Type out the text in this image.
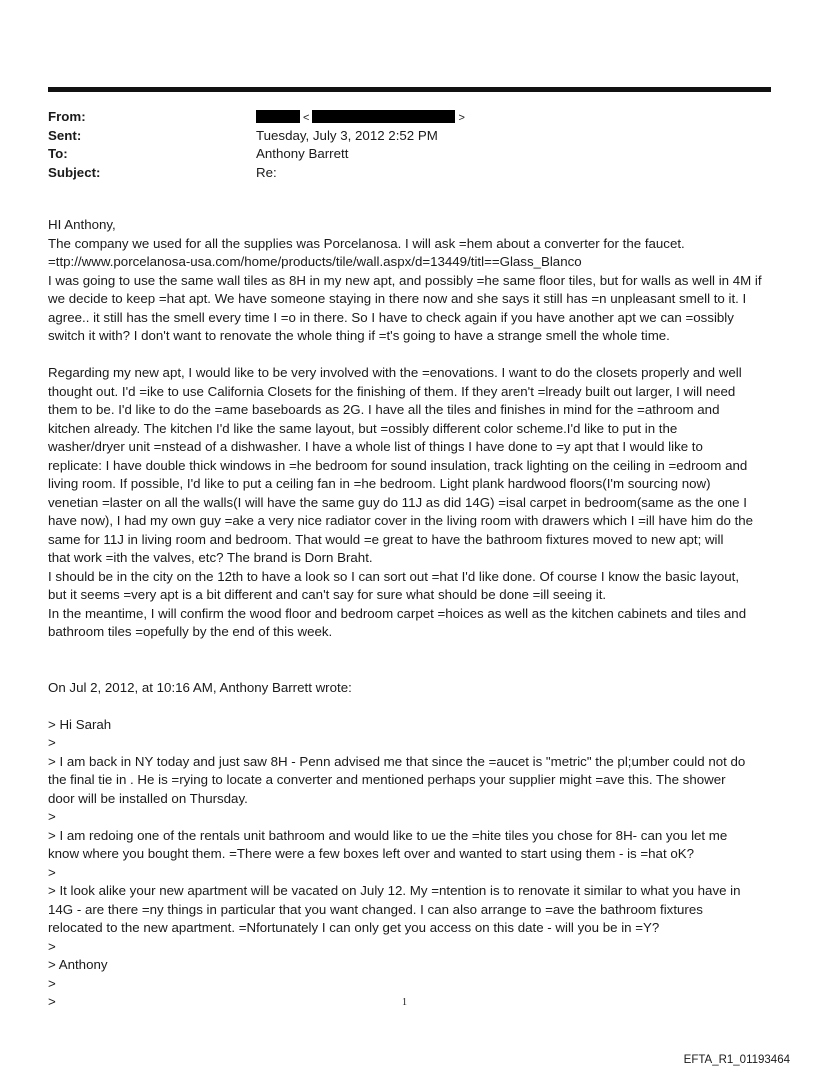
From:	<	>
Sent:	Tuesday, July 3, 2012 2:52 PM
To:	Anthony Barrett
Subject:	Re:

HI Anthony,

The company we used for all the supplies was Porcelanosa. I will ask =hem about a converter for the faucet.

=ttp://www.porcelanosa-usa.com/home/products/tile/wall.aspx/d=13449/titl==Glass_Blanco

I was going to use the same wall tiles as 8H in my new apt, and possibly =he same floor tiles, but for walls as well in 4M if

we decide to keep =hat apt. We have someone staying in there now and she says it still has =n unpleasant smell to it. I

agree.. it still has the smell every time I =o in there. So I have to check again if you have another apt we can =ossibly

switch it with? I don't want to renovate the whole thing if =t's going to have a strange smell the whole time.

Regarding my new apt, I would like to be very involved with the =enovations. I want to do the closets properly and well

thought out. I'd =ike to use California Closets for the finishing of them. If they aren't =lready built out larger, I will need

them to be. I'd like to do the =ame baseboards as 2G. I have all the tiles and finishes in mind for the =athroom and

kitchen already. The kitchen I'd like the same layout, but =ossibly different color scheme.I'd like to put in the

washer/dryer unit =nstead of a dishwasher. I have a whole list of things I have done to =y apt that I would like to

replicate: I have double thick windows in =he bedroom for sound insulation, track lighting on the ceiling in =edroom and

living room. If possible, I'd like to put a ceiling fan in =he bedroom. Light plank hardwood floors(I'm sourcing now)

venetian =laster on all the walls(I will have the same guy do 11J as did 14G) =isal carpet in bedroom(same as the one I

have now), I had my own guy =ake a very nice radiator cover in the living room with drawers which I =ill have him do the

same for 11J in living room and bedroom. That would =e great to have the bathroom fixtures moved to new apt; will

that work =ith the valves, etc? The brand is Dorn Braht.

I should be in the city on the 12th to have a look so I can sort out =hat I'd like done. Of course I know the basic layout,

but it seems =very apt is a bit different and can't say for sure what should be done =ill seeing it.

In the meantime, I will confirm the wood floor and bedroom carpet =hoices as well as the kitchen cabinets and tiles and

bathroom tiles =opefully by the end of this week.

On Jul 2, 2012, at 10:16 AM, Anthony Barrett wrote:

> Hi Sarah

>

> I am back in NY today and just saw 8H - Penn advised me that since the =aucet is "metric" the pl;umber could not do

the final tie in . He is =rying to locate a converter and mentioned perhaps your supplier might =ave this. The shower

door will be installed on Thursday.

>

> I am redoing one of the rentals unit bathroom and would like to ue the =hite tiles you chose for 8H- can you let me

know where you bought them. =There were a few boxes left over and wanted to start using them - is =hat oK?

>

> It look alike your new apartment will be vacated on July 12. My =ntention is to renovate it similar to what you have in

14G - are there =ny things in particular that you want changed. I can also arrange to =ave the bathroom fixtures

relocated to the new apartment. =Nfortunately I can only get you access on this date - will you be in =Y?

>

> Anthony

>

>	1
EFTA_R1_01193464
